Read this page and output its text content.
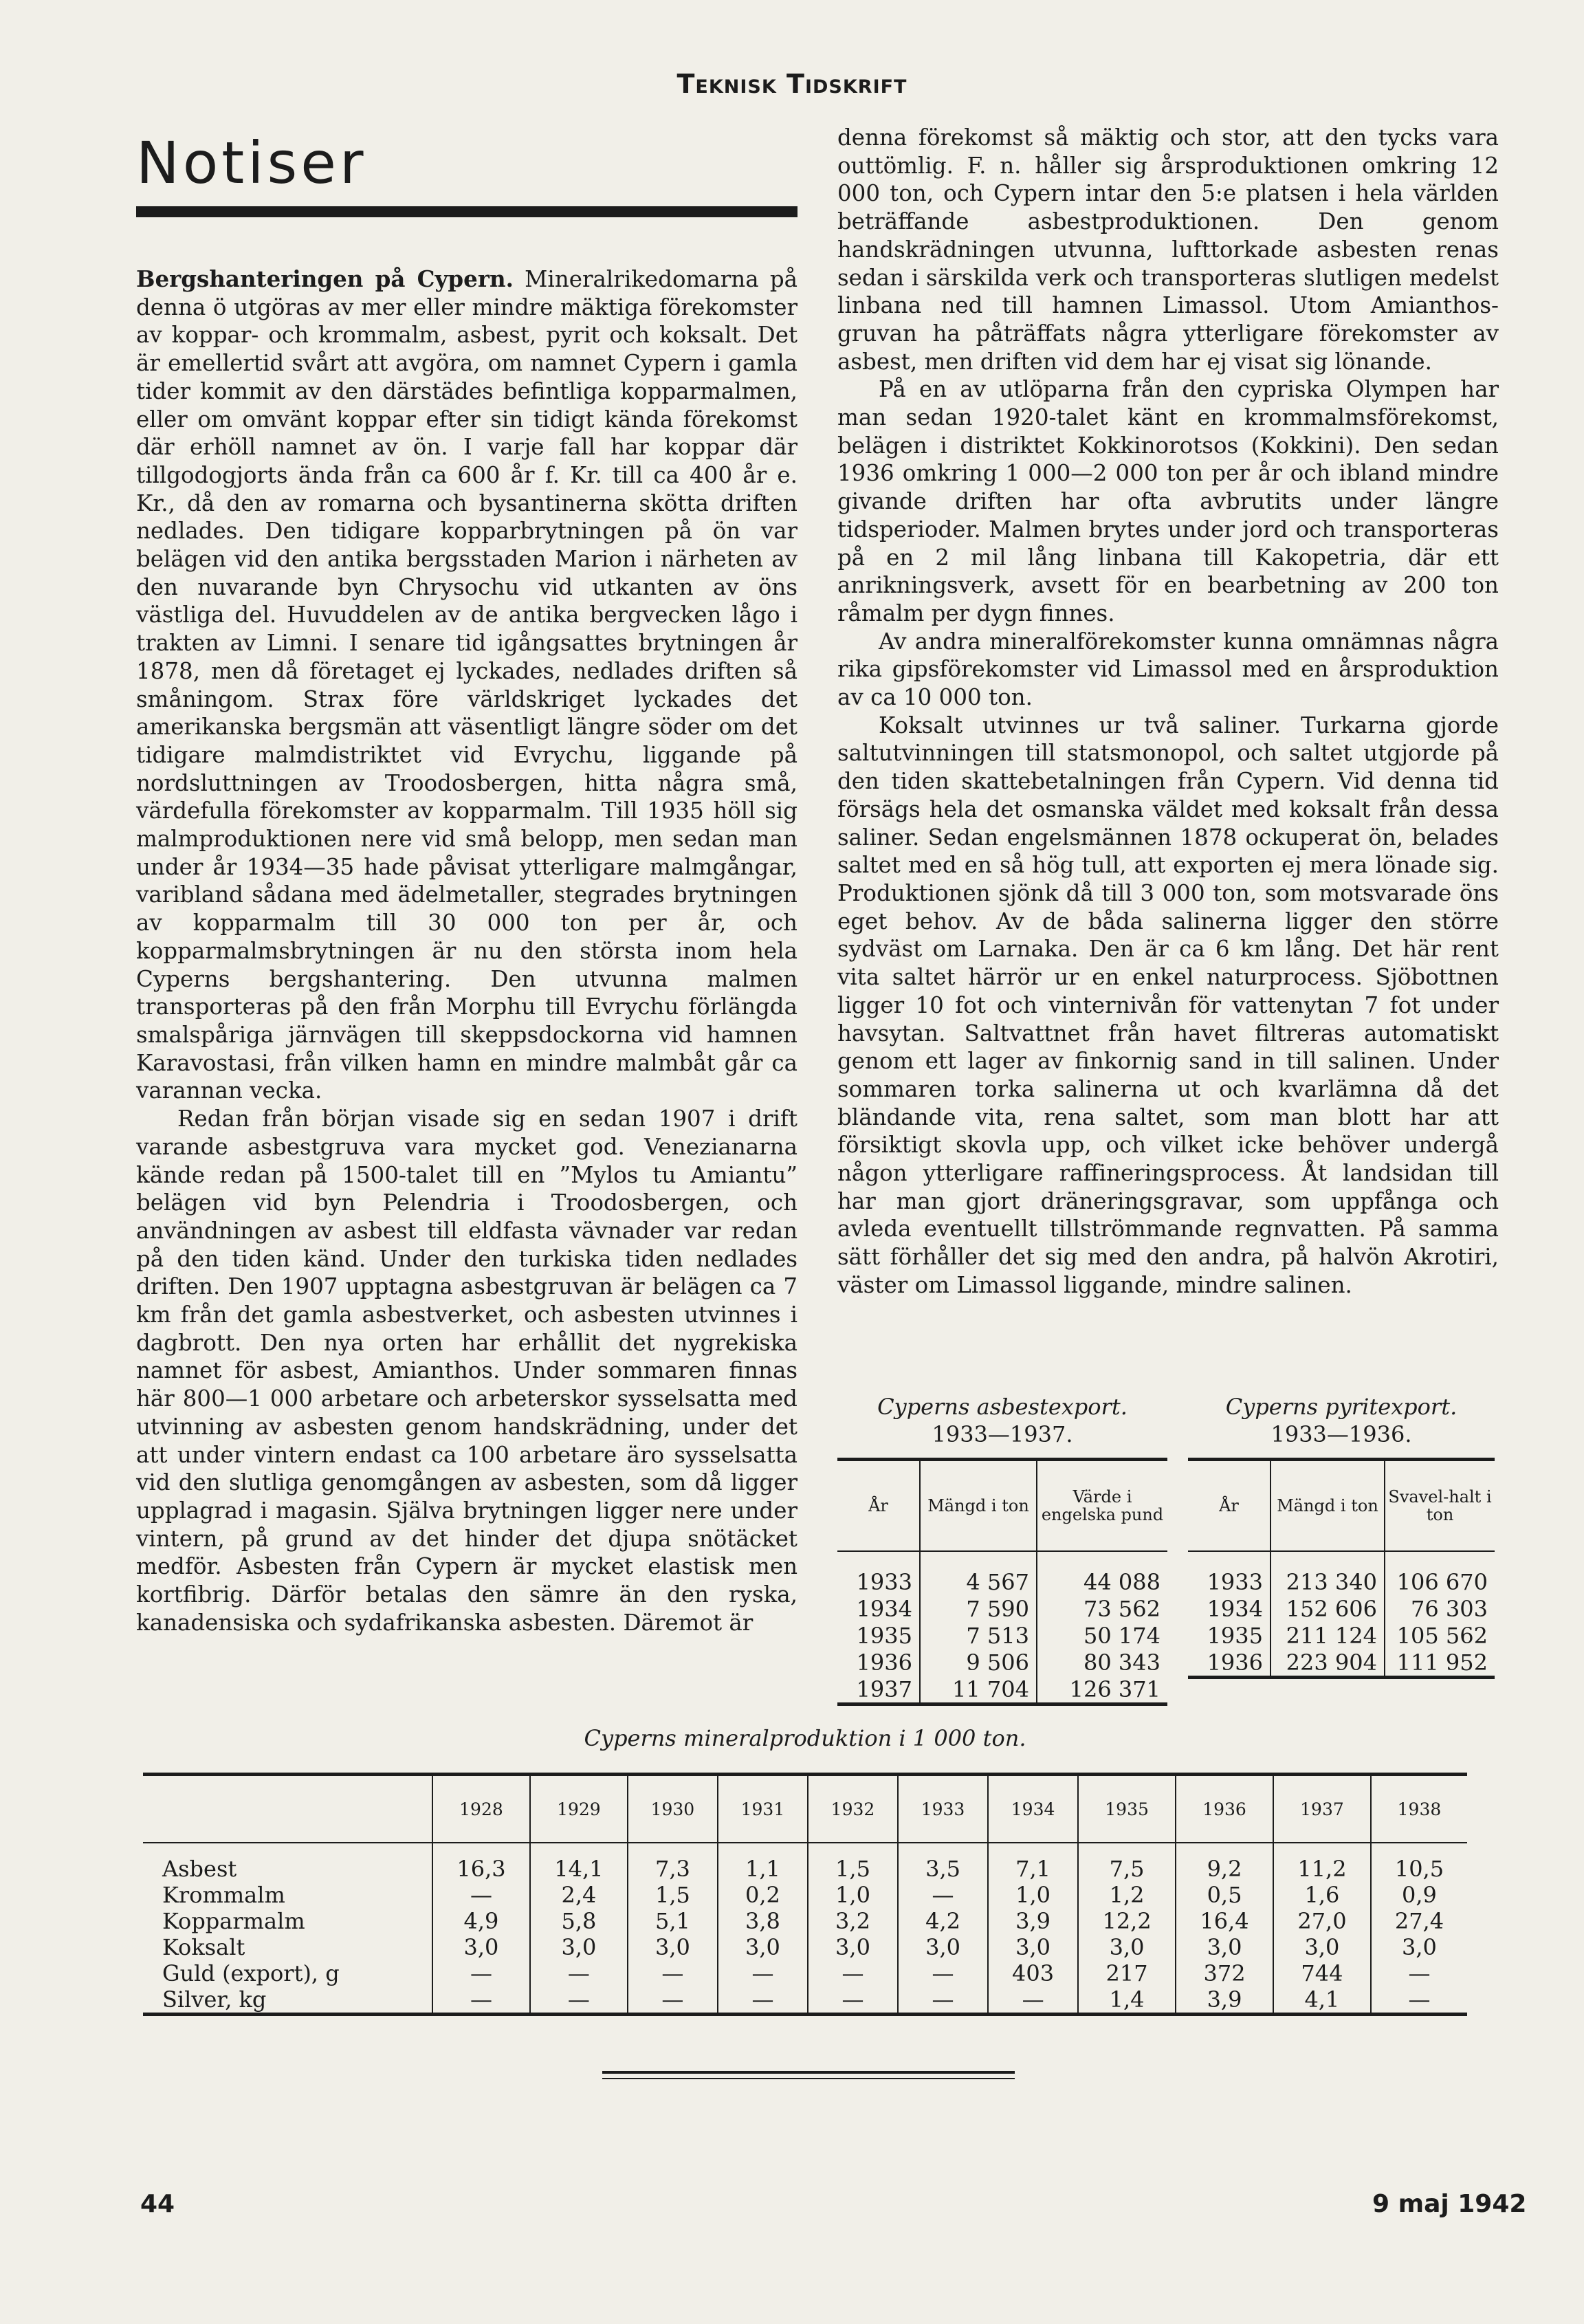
Teknisk Tidskrift
Notiser

Bergshanteringen på Cypern. Mineralrikedomarna på denna ö utgöras av mer eller mindre mäktiga förekomster av koppar- och krommalm, asbest, pyrit och koksalt. Det är emellertid svårt att avgöra, om namnet Cypern i gamla tider kommit av den därstädes befintliga kopparmalmen, eller om omvänt koppar efter sin tidigt kända förekomst där erhöll namnet av ön. I varje fall har koppar där tillgodogjorts ända från ca 600 år f. Kr. till ca 400 år e. Kr., då den av romarna och bysantinerna skötta driften nedlades. Den tidigare kopparbrytningen på ön var belägen vid den antika bergsstaden Marion i närheten av den nuvarande byn Chrysochu vid utkanten av öns västliga del. Huvuddelen av de antika bergvecken lågo i trakten av Limni. I senare tid igångsattes brytningen år 1878, men då företaget ej lyckades, nedlades driften så småningom. Strax före världskriget lyckades det amerikanska bergsmän att väsentligt längre söder om det tidigare malmdistriktet vid Evrychu, liggande på nordsluttningen av Troodosbergen, hitta några små, värdefulla förekomster av kopparmalm. Till 1935 höll sig malmproduktionen nere vid små belopp, men sedan man under år 1934—35 hade påvisat ytterligare malmgångar, varibland sådana med ädelmetaller, stegrades brytningen av kopparmalm till 30 000 ton per år, och kopparmalmsbrytningen är nu den största inom hela Cyperns bergshantering. Den utvunna malmen transporteras på den från Morphu till Evrychu förlängda smalspåriga järnvägen till skeppsdockorna vid hamnen Karavostasi, från vilken hamn en mindre malmbåt går ca varannan vecka.

Redan från början visade sig en sedan 1907 i drift varande asbestgruva vara mycket god. Venezianarna kände redan på 1500-talet till en ”Mylos tu Amiantu” belägen vid byn Pelendria i Troodosbergen, och användningen av asbest till eldfasta vävnader var redan på den tiden känd. Under den turkiska tiden nedlades driften. Den 1907 upptagna asbestgruvan är belägen ca 7 km från det gamla asbestverket, och asbesten utvinnes i dagbrott. Den nya orten har erhållit det nygrekiska namnet för asbest, Amianthos. Under sommaren finnas här 800—1 000 arbetare och arbeterskor sysselsatta med utvinning av asbesten genom handskrädning, under det att under vintern endast ca 100 arbetare äro sysselsatta vid den slutliga genomgången av asbesten, som då ligger upplagrad i magasin. Själva brytningen ligger nere under vintern, på grund av det hinder det djupa snötäcket medför. Asbesten från Cypern är mycket elastisk men kortfibrig. Därför betalas den sämre än den ryska, kanadensiska och sydafrikanska asbesten. Däremot är

denna förekomst så mäktig och stor, att den tycks vara outtömlig. F. n. håller sig årsproduktionen omkring 12 000 ton, och Cypern intar den 5:e platsen i hela världen beträffande asbestproduktionen. Den genom handskrädningen utvunna, lufttorkade asbesten renas sedan i särskilda verk och transporteras slutligen medelst linbana ned till hamnen Limassol. Utom Amianthos-gruvan ha påträffats några ytterligare förekomster av asbest, men driften vid dem har ej visat sig lönande.

På en av utlöparna från den cypriska Olympen har man sedan 1920-talet känt en krommalmsförekomst, belägen i distriktet Kokkinorotsos (Kokkini). Den sedan 1936 omkring 1 000—2 000 ton per år och ibland mindre givande driften har ofta avbrutits under längre tidsperioder. Malmen brytes under jord och transporteras på en 2 mil lång linbana till Kakopetria, där ett anrikningsverk, avsett för en bearbetning av 200 ton råmalm per dygn finnes.

Av andra mineralförekomster kunna omnämnas några rika gipsförekomster vid Limassol med en årsproduktion av ca 10 000 ton.

Koksalt utvinnes ur två saliner. Turkarna gjorde saltutvinningen till statsmonopol, och saltet utgjorde på den tiden skattebetalningen från Cypern. Vid denna tid försägs hela det osmanska väldet med koksalt från dessa saliner. Sedan engelsmännen 1878 ockuperat ön, belades saltet med en så hög tull, att exporten ej mera lönade sig. Produktionen sjönk då till 3 000 ton, som motsvarade öns eget behov. Av de båda salinerna ligger den större sydväst om Larnaka. Den är ca 6 km lång. Det här rent vita saltet härrör ur en enkel naturprocess. Sjöbottnen ligger 10 fot och vinternivån för vattenytan 7 fot under havsytan. Saltvattnet från havet filtreras automatiskt genom ett lager av finkornig sand in till salinen. Under sommaren torka salinerna ut och kvarlämna då det bländande vita, rena saltet, som man blott har att försiktigt skovla upp, och vilket icke behöver undergå någon ytterligare raffineringsprocess. Åt landsidan till har man gjort dräneringsgravar, som uppfånga och avleda eventuellt tillströmmande regnvatten. På samma sätt förhåller det sig med den andra, på halvön Akrotiri, väster om Limassol liggande, mindre salinen.

Cyperns asbestexport.
1933—1937.
År	Mängd i ton	Värde i engelska pund
1933	4 567	44 088
1934	7 590	73 562
1935	7 513	50 174
1936	9 506	80 343
1937	11 704	126 371
Cyperns pyritexport.
1933—1936.
År	Mängd i ton	Svavel-halt i ton
1933	213 340	106 670
1934	152 606	76 303
1935	211 124	105 562
1936	223 904	111 952
Cyperns mineralproduktion i 1 000 ton.
	1928	1929	1930	1931	1932	1933	1934	1935	1936	1937	1938
Asbest	16,3	14,1	7,3	1,1	1,5	3,5	7,1	7,5	9,2	11,2	10,5
Krommalm	—	2,4	1,5	0,2	1,0	—	1,0	1,2	0,5	1,6	0,9
Kopparmalm	4,9	5,8	5,1	3,8	3,2	4,2	3,9	12,2	16,4	27,0	27,4
Koksalt	3,0	3,0	3,0	3,0	3,0	3,0	3,0	3,0	3,0	3,0	3,0
Guld (export), g	—	—	—	—	—	—	403	217	372	744	—
Silver, kg	—	—	—	—	—	—	—	1,4	3,9	4,1	—
44	9 maj 1942
